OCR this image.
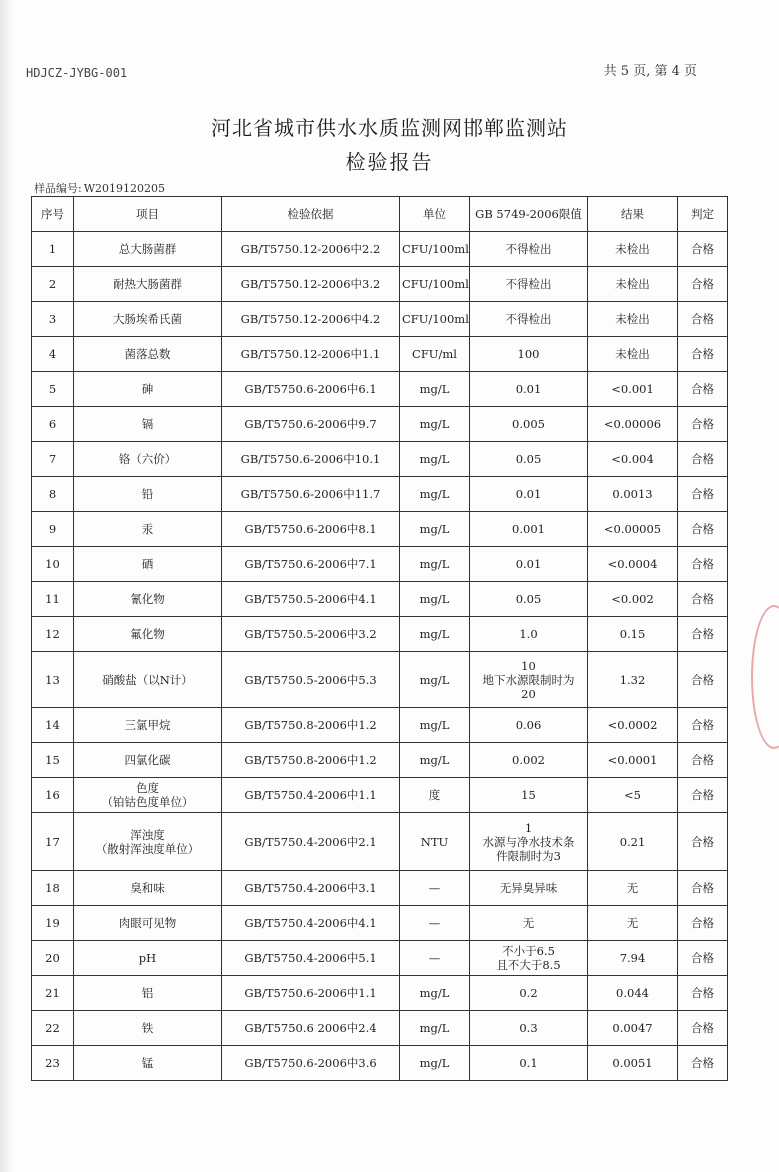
HDJCZ-JYBG-001	共 5 页, 第 4 页
河北省城市供水水质监测网邯郸监测站
检验报告
样品编号: W2019120205
序号	项目	检验依据	单位	GB 5749-2006限值	结果	判定
1	总大肠菌群	GB/T5750.12-2006中2.2	CFU/100ml	不得检出	未检出	合格
2	耐热大肠菌群	GB/T5750.12-2006中3.2	CFU/100ml	不得检出	未检出	合格
3	大肠埃希氏菌	GB/T5750.12-2006中4.2	CFU/100ml	不得检出	未检出	合格
4	菌落总数	GB/T5750.12-2006中1.1	CFU/ml	100	未检出	合格
5	砷	GB/T5750.6-2006中6.1	mg/L	0.01	<0.001	合格
6	镉	GB/T5750.6-2006中9.7	mg/L	0.005	<0.00006	合格
7	铬（六价）	GB/T5750.6-2006中10.1	mg/L	0.05	<0.004	合格
8	铅	GB/T5750.6-2006中11.7	mg/L	0.01	0.0013	合格
9	汞	GB/T5750.6-2006中8.1	mg/L	0.001	<0.00005	合格
10	硒	GB/T5750.6-2006中7.1	mg/L	0.01	<0.0004	合格
11	氰化物	GB/T5750.5-2006中4.1	mg/L	0.05	<0.002	合格
12	氟化物	GB/T5750.5-2006中3.2	mg/L	1.0	0.15	合格
13	硝酸盐（以N计）	GB/T5750.5-2006中5.3	mg/L	10
地下水源限制时为
20	1.32	合格
14	三氯甲烷	GB/T5750.8-2006中1.2	mg/L	0.06	<0.0002	合格
15	四氯化碳	GB/T5750.8-2006中1.2	mg/L	0.002	<0.0001	合格
16	色度
（铂钴色度单位）	GB/T5750.4-2006中1.1	度	15	<5	合格
17	浑浊度
（散射浑浊度单位）	GB/T5750.4-2006中2.1	NTU	1
水源与净水技术条
件限制时为3	0.21	合格
18	臭和味	GB/T5750.4-2006中3.1	—	无异臭异味	无	合格
19	肉眼可见物	GB/T5750.4-2006中4.1	—	无	无	合格
20	pH	GB/T5750.4-2006中5.1	—	不小于6.5
且不大于8.5	7.94	合格
21	铝	GB/T5750.6-2006中1.1	mg/L	0.2	0.044	合格
22	铁	GB/T5750.6 2006中2.4	mg/L	0.3	0.0047	合格
23	锰	GB/T5750.6-2006中3.6	mg/L	0.1	0.0051	合格
